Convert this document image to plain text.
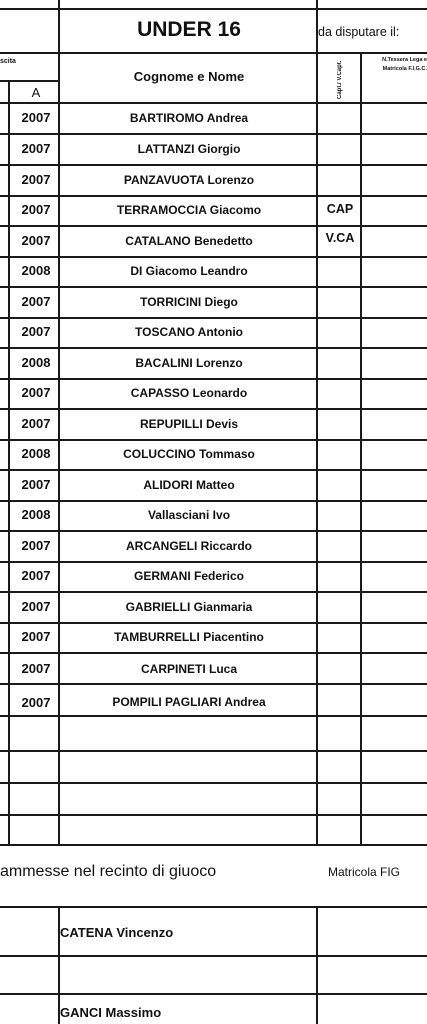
UNDER 16	da disputare il:
scita
A
Cognome e Nome	Capt./ V.Capt.
N.Tessera Lega e Matricola F.I.G.C.
2007	BARTIROMO Andrea
2007	LATTANZI Giorgio
2007	PANZAVUOTA Lorenzo
2007	TERRAMOCCIA Giacomo	CAP
2007	CATALANO Benedetto	V.CA
2008	DI Giacomo Leandro
2007	TORRICINI Diego
2007	TOSCANO Antonio
2008	BACALINI Lorenzo
2007	CAPASSO Leonardo
2007	REPUPILLI Devis
2008	COLUCCINO Tommaso
2007	ALIDORI Matteo
2008	Vallasciani Ivo
2007	ARCANGELI Riccardo
2007	GERMANI Federico
2007	GABRIELLI Gianmaria
2007	TAMBURRELLI Piacentino
2007	CARPINETI Luca
2007	POMPILI PAGLIARI Andrea
ammesse nel recinto di giuoco	Matricola FIG
CATENA Vincenzo
GANCI Massimo
